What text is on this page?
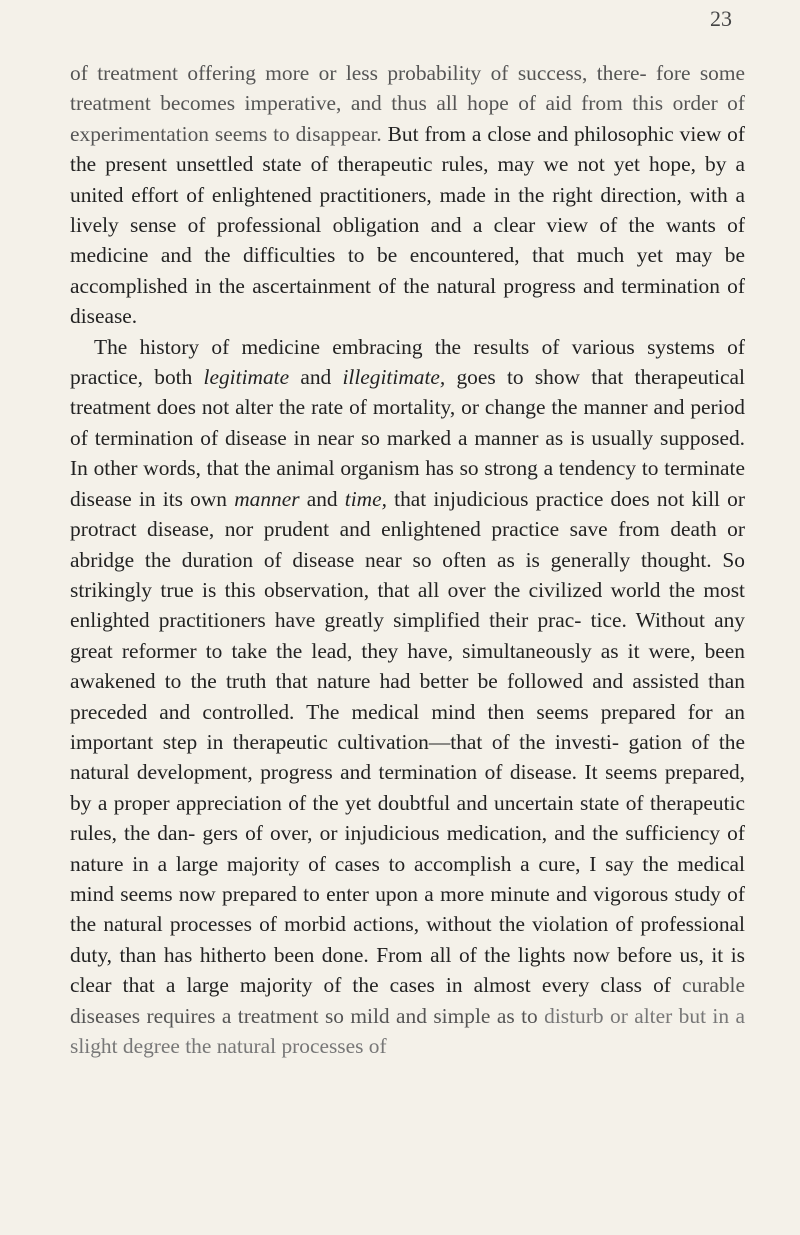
23

of treatment offering more or less probability of success, there- fore some treatment becomes imperative, and thus all hope of aid from this order of experimentation seems to disappear. But from a close and philosophic view of the present unsettled state of therapeutic rules, may we not yet hope, by a united effort of enlightened practitioners, made in the right direction, with a lively sense of professional obligation and a clear view of the wants of medicine and the difficulties to be encountered, that much yet may be accomplished in the ascertainment of the natural progress and termination of disease.

The history of medicine embracing the results of various systems of practice, both legitimate and illegitimate, goes to show that therapeutical treatment does not alter the rate of mortality, or change the manner and period of termination of disease in near so marked a manner as is usually supposed. In other words, that the animal organism has so strong a tendency to terminate disease in its own manner and time, that injudicious practice does not kill or protract disease, nor prudent and enlightened practice save from death or abridge the duration of disease near so often as is generally thought. So strikingly true is this observation, that all over the civilized world the most enlighted practitioners have greatly simplified their prac- tice. Without any great reformer to take the lead, they have, simultaneously as it were, been awakened to the truth that nature had better be followed and assisted than preceded and controlled. The medical mind then seems prepared for an important step in therapeutic cultivation—that of the investi- gation of the natural development, progress and termination of disease. It seems prepared, by a proper appreciation of the yet doubtful and uncertain state of therapeutic rules, the dan- gers of over, or injudicious medication, and the sufficiency of nature in a large majority of cases to accomplish a cure, I say the medical mind seems now prepared to enter upon a more minute and vigorous study of the natural processes of morbid actions, without the violation of professional duty, than has hitherto been done. From all of the lights now before us, it is clear that a large majority of the cases in almost every class of curable diseases requires a treatment so mild and simple as to disturb or alter but in a slight degree the natural processes of
